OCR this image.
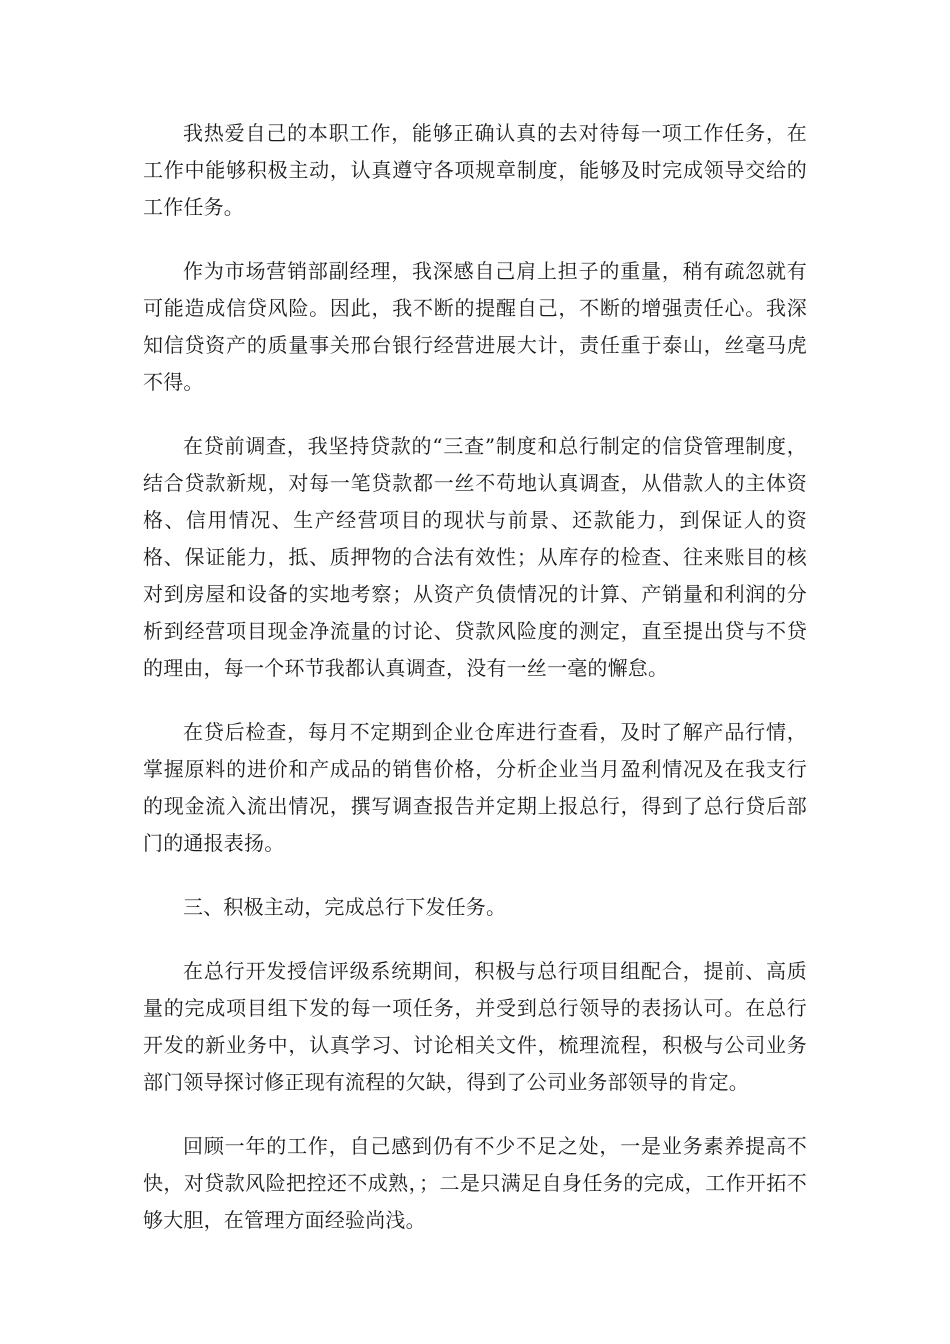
我热爱自己的本职工作，能够正确认真的去对待每一项工作任务，在工作中能够积极主动，认真遵守各项规章制度，能够及时完成领导交给的工作任务。

作为市场营销部副经理，我深感自己肩上担子的重量，稍有疏忽就有可能造成信贷风险。因此，我不断的提醒自己，不断的增强责任心。我深知信贷资产的质量事关邢台银行经营进展大计，责任重于泰山，丝毫马虎不得。

在贷前调查，我坚持贷款的“三查”制度和总行制定的信贷管理制度，结合贷款新规，对每一笔贷款都一丝不苟地认真调查，从借款人的主体资格、信用情况、生产经营项目的现状与前景、还款能力，到保证人的资格、保证能力，抵、质押物的合法有效性；从库存的检查、往来账目的核对到房屋和设备的实地考察；从资产负债情况的计算、产销量和利润的分析到经营项目现金净流量的讨论、贷款风险度的测定，直至提出贷与不贷的理由，每一个环节我都认真调查，没有一丝一毫的懈怠。

在贷后检查，每月不定期到企业仓库进行查看，及时了解产品行情，掌握原料的进价和产成品的销售价格，分析企业当月盈利情况及在我支行的现金流入流出情况，撰写调查报告并定期上报总行，得到了总行贷后部门的通报表扬。

三、积极主动，完成总行下发任务。

在总行开发授信评级系统期间，积极与总行项目组配合，提前、高质量的完成项目组下发的每一项任务，并受到总行领导的表扬认可。在总行开发的新业务中，认真学习、讨论相关文件，梳理流程，积极与公司业务部门领导探讨修正现有流程的欠缺，得到了公司业务部领导的肯定。

回顾一年的工作，自己感到仍有不少不足之处，一是业务素养提高不快，对贷款风险把控还不成熟，；二是只满足自身任务的完成，工作开拓不够大胆，在管理方面经验尚浅。
